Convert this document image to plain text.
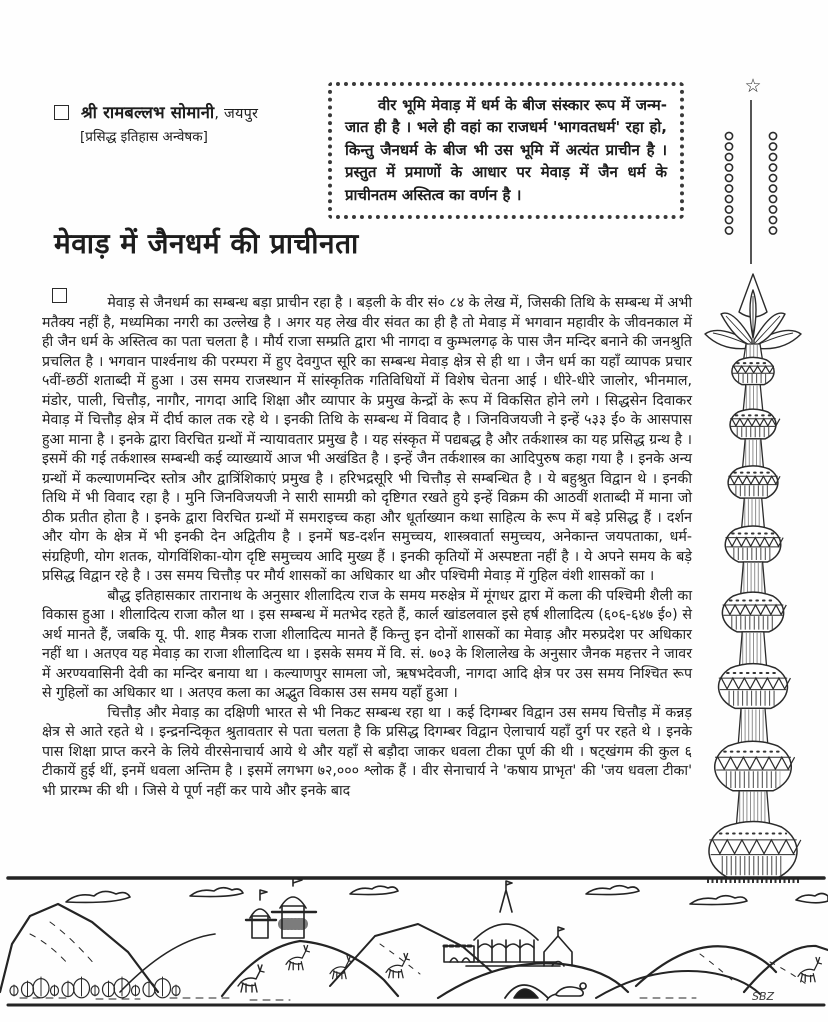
श्री रामबल्लभ सोमानी, जयपुर
[प्रसिद्ध इतिहास अन्वेषक]

वीर भूमि मेवाड़ में धर्म के बीज संस्कार रूप में जन्म-जात ही है । भले ही वहां का राजधर्म 'भागवतधर्म' रहा हो, किन्तु जैनधर्म के बीज भी उस भूमि में अत्यंत प्राचीन है । प्रस्तुत में प्रमाणों के आधार पर मेवाड़ में जैन धर्म के प्राचीनतम अस्तित्व का वर्णन है ।

☆
मेवाड़ में जैनधर्म की प्राचीनता

मेवाड़ से जैनधर्म का सम्बन्ध बड़ा प्राचीन रहा है । बड़ली के वीर सं० ८४ के लेख में, जिसकी तिथि के सम्बन्ध में अभी मतैक्य नहीं है, मध्यमिका नगरी का उल्लेख है । अगर यह लेख वीर संवत का ही है तो मेवाड़ में भगवान महावीर के जीवनकाल में ही जैन धर्म के अस्तित्व का पता चलता है । मौर्य राजा सम्प्रति द्वारा भी नागदा व कुम्भलगढ़ के पास जैन मन्दिर बनाने की जनश्रुति प्रचलित है । भगवान पार्श्वनाथ की परम्परा में हुए देवगुप्त सूरि का सम्बन्ध मेवाड़ क्षेत्र से ही था । जैन धर्म का यहाँ व्यापक प्रचार ५वीं-छठीं शताब्दी में हुआ । उस समय राजस्थान में सांस्कृतिक गतिविधियों में विशेष चेतना आई । धीरे-धीरे जालोर, भीनमाल, मंडोर, पाली, चित्तौड़, नागौर, नागदा आदि शिक्षा और व्यापार के प्रमुख केन्द्रों के रूप में विकसित होने लगे । सिद्धसेन दिवाकर मेवाड़ में चित्तौड़ क्षेत्र में दीर्घ काल तक रहे थे । इनकी तिथि के सम्बन्ध में विवाद है । जिनविजयजी ने इन्हें ५३३ ई० के आसपास हुआ माना है । इनके द्वारा विरचित ग्रन्थों में न्यायावतार प्रमुख है । यह संस्कृत में पद्यबद्ध है और तर्कशास्त्र का यह प्रसिद्ध ग्रन्थ है । इसमें की गई तर्कशास्त्र सम्बन्धी कई व्याख्यायें आज भी अखंडित है । इन्हें जैन तर्कशास्त्र का आदिपुरुष कहा गया है । इनके अन्य ग्रन्थों में कल्याणमन्दिर स्तोत्र और द्वात्रिंशिकाएं प्रमुख है । हरिभद्रसूरि भी चित्तौड़ से सम्बन्धित है । ये बहुश्रुत विद्वान थे । इनकी तिथि में भी विवाद रहा है । मुनि जिनविजयजी ने सारी सामग्री को दृष्टिगत रखते हुये इन्हें विक्रम की आठवीं शताब्दी में माना जो ठीक प्रतीत होता है । इनके द्वारा विरचित ग्रन्थों में समराइच्च कहा और धूर्ताख्यान कथा साहित्य के रूप में बड़े प्रसिद्ध हैं । दर्शन और योग के क्षेत्र में भी इनकी देन अद्वितीय है । इनमें षड-दर्शन समुच्चय, शास्त्रवार्ता समुच्चय, अनेकान्त जयपताका, धर्म-संग्रहिणी, योग शतक, योगविंशिका-योग दृष्टि समुच्चय आदि मुख्य हैं । इनकी कृतियों में अस्पष्टता नहीं है । ये अपने समय के बड़े प्रसिद्ध विद्वान रहे है । उस समय चित्तौड़ पर मौर्य शासकों का अधिकार था और पश्चिमी मेवाड़ में गुहिल वंशी शासकों का ।

बौद्ध इतिहासकार तारानाथ के अनुसार शीलादित्य राज के समय मरुक्षेत्र में मूंगधर द्वारा में कला की पश्चिमी शैली का विकास हुआ । शीलादित्य राजा कौल था । इस सम्बन्ध में मतभेद रहते हैं, कार्ल खांडलवाल इसे हर्ष शीलादित्य (६०६-६४७ ई०) से अर्थ मानते हैं, जबकि यू. पी. शाह मैत्रक राजा शीलादित्य मानते हैं किन्तु इन दोनों शासकों का मेवाड़ और मरुप्रदेश पर अधिकार नहीं था । अतएव यह मेवाड़ का राजा शीलादित्य था । इसके समय में वि. सं. ७०३ के शिलालेख के अनुसार जैनक महत्तर ने जावर में अरण्यवासिनी देवी का मन्दिर बनाया था । कल्याणपुर सामला जो, ऋषभदेवजी, नागदा आदि क्षेत्र पर उस समय निश्चित रूप से गुहिलों का अधिकार था । अतएव कला का अद्भुत विकास उस समय यहाँ हुआ ।

चित्तौड़ और मेवाड़ का दक्षिणी भारत से भी निकट सम्बन्ध रहा था । कई दिगम्बर विद्वान उस समय चित्तौड़ में कन्नड़ क्षेत्र से आते रहते थे । इन्द्रनन्दिकृत श्रुतावतार से पता चलता है कि प्रसिद्ध दिगम्बर विद्वान ऐलाचार्य यहाँ दुर्ग पर रहते थे । इनके पास शिक्षा प्राप्त करने के लिये वीरसेनाचार्य आये थे और यहाँ से बड़ौदा जाकर धवला टीका पूर्ण की थी । षट्खंगम की कुल ६ टीकायें हुई थीं, इनमें धवला अन्तिम है । इसमें लगभग ७२,००० श्लोक हैं । वीर सेनाचार्य ने 'कषाय प्राभृत' की 'जय धवला टीका' भी प्रारम्भ की थी । जिसे ये पूर्ण नहीं कर पाये और इनके बाद

SBZ
